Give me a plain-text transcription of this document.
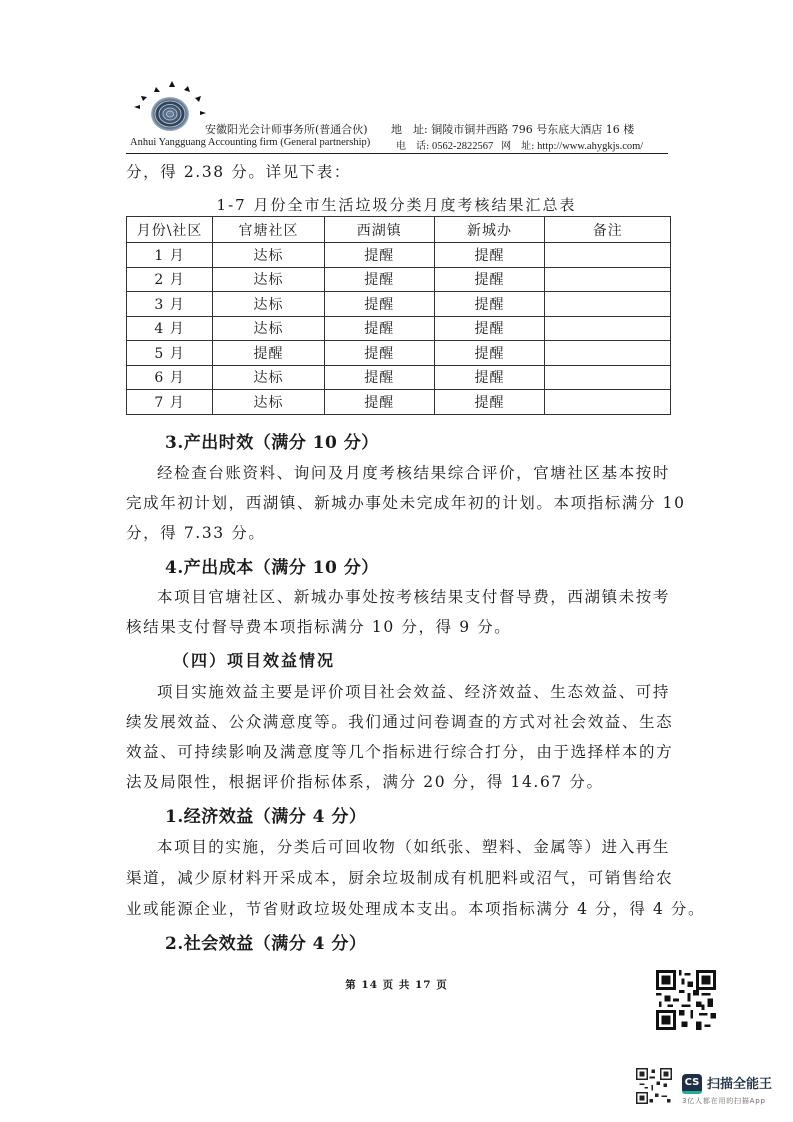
安徽阳光会计师事务所(普通合伙) 地　址: 铜陵市铜井西路 796 号东底大酒店 16 楼
Anhui Yangguang Accounting firm (General partnership)	电　话: 0562-2822567 网　址: http://www.ahygkjs.com/
分，得 2.38 分。详见下表：
1-7 月份全市生活垃圾分类月度考核结果汇总表
月份\社区	官塘社区	西湖镇	新城办	备注
1 月	达标	提醒	提醒	
2 月	达标	提醒	提醒	
3 月	达标	提醒	提醒	
4 月	达标	提醒	提醒	
5 月	提醒	提醒	提醒	
6 月	达标	提醒	提醒	
7 月	达标	提醒	提醒	
3.产出时效（满分 10 分）
经检查台账资料、询问及月度考核结果综合评价，官塘社区基本按时
完成年初计划，西湖镇、新城办事处未完成年初的计划。本项指标满分 10
分，得 7.33 分。
4.产出成本（满分 10 分）
本项目官塘社区、新城办事处按考核结果支付督导费，西湖镇未按考
核结果支付督导费本项指标满分 10 分，得 9 分。
（四）项目效益情况
项目实施效益主要是评价项目社会效益、经济效益、生态效益、可持
续发展效益、公众满意度等。我们通过问卷调查的方式对社会效益、生态
效益、可持续影响及满意度等几个指标进行综合打分，由于选择样本的方
法及局限性，根据评价指标体系，满分 20 分，得 14.67 分。
1.经济效益（满分 4 分）
本项目的实施，分类后可回收物（如纸张、塑料、金属等）进入再生
渠道，减少原材料开采成本，厨余垃圾制成有机肥料或沼气，可销售给农
业或能源企业，节省财政垃圾处理成本支出。本项指标满分 4 分，得 4 分。
2.社会效益（满分 4 分）
第 14 页 共 17 页
CS 扫描全能王
3亿人都在用的扫描App
